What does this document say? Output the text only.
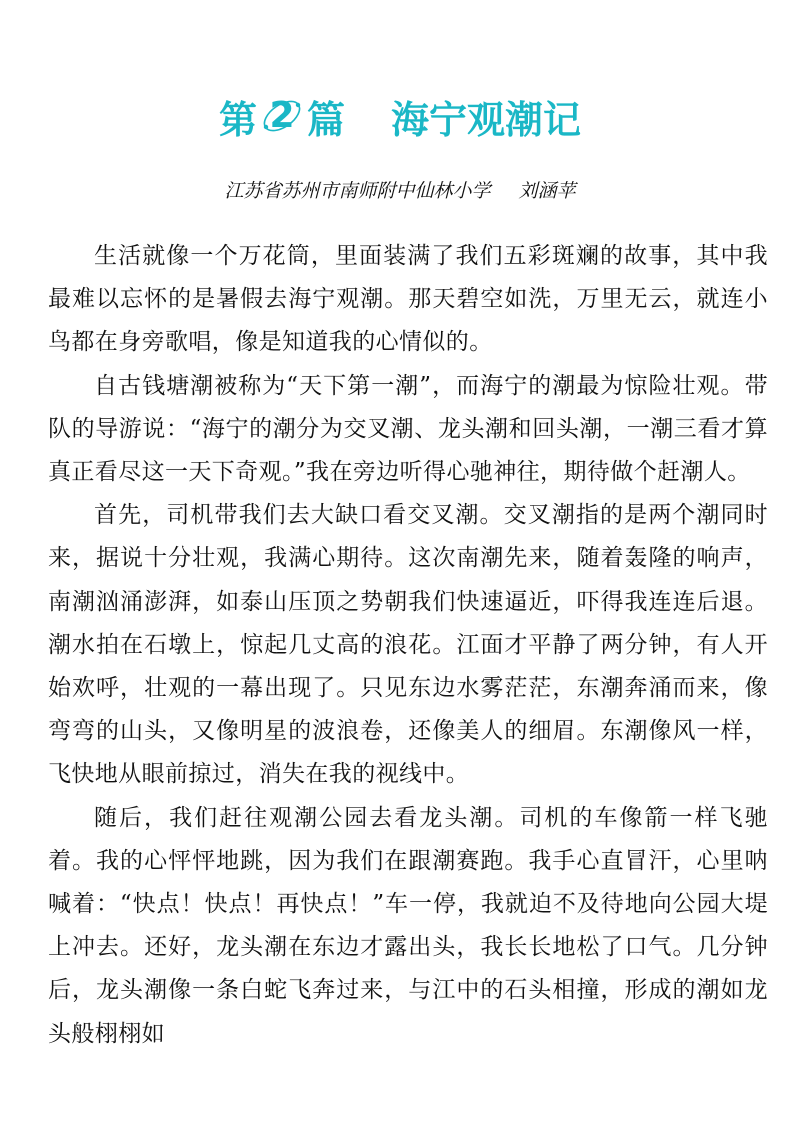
第 2 篇 海宁观潮记
江苏省苏州市南师附中仙林小学 刘涵苹

生活就像一个万花筒，里面装满了我们五彩斑斓的故事，其中我最难以忘怀的是暑假去海宁观潮。那天碧空如洗，万里无云，就连小鸟都在身旁歌唱，像是知道我的心情似的。

自古钱塘潮被称为“天下第一潮”，而海宁的潮最为惊险壮观。带队的导游说：“海宁的潮分为交叉潮、龙头潮和回头潮，一潮三看才算真正看尽这一天下奇观。”我在旁边听得心驰神往，期待做个赶潮人。

首先，司机带我们去大缺口看交叉潮。交叉潮指的是两个潮同时来，据说十分壮观，我满心期待。这次南潮先来，随着轰隆的响声，南潮汹涌澎湃，如泰山压顶之势朝我们快速逼近，吓得我连连后退。潮水拍在石墩上，惊起几丈高的浪花。江面才平静了两分钟，有人开始欢呼，壮观的一幕出现了。只见东边水雾茫茫，东潮奔涌而来，像弯弯的山头，又像明星的波浪卷，还像美人的细眉。东潮像风一样，飞快地从眼前掠过，消失在我的视线中。

随后，我们赶往观潮公园去看龙头潮。司机的车像箭一样飞驰着。我的心怦怦地跳，因为我们在跟潮赛跑。我手心直冒汗，心里呐喊着：“快点！快点！再快点！”车一停，我就迫不及待地向公园大堤上冲去。还好，龙头潮在东边才露出头，我长长地松了口气。几分钟后，龙头潮像一条白蛇飞奔过来，与江中的石头相撞，形成的潮如龙头般栩栩如
